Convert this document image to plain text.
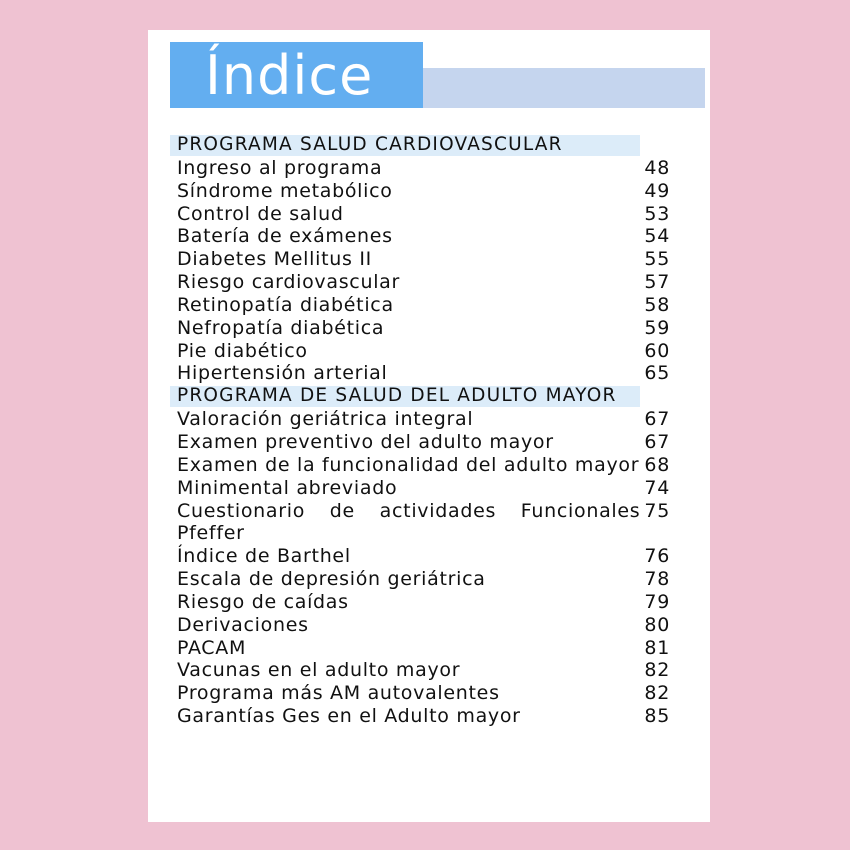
Índice
PROGRAMA SALUD CARDIOVASCULAR
Ingreso al programa	48
Síndrome metabólico	49
Control de salud	53
Batería de exámenes	54
Diabetes Mellitus II	55
Riesgo cardiovascular	57
Retinopatía diabética	58
Nefropatía diabética	59
Pie diabético	60
Hipertensión arterial	65
PROGRAMA DE SALUD DEL ADULTO MAYOR
Valoración geriátrica integral	67
Examen preventivo del adulto mayor	67
Examen de la funcionalidad del adulto mayor 68
Minimental abreviado	74
Cuestionario de actividades Funcionales 75
Pfeffer
Índice de Barthel	76
Escala de depresión geriátrica	78
Riesgo de caídas	79
Derivaciones	80
PACAM	81
Vacunas en el adulto mayor	82
Programa más AM autovalentes	82
Garantías Ges en el Adulto mayor	85
